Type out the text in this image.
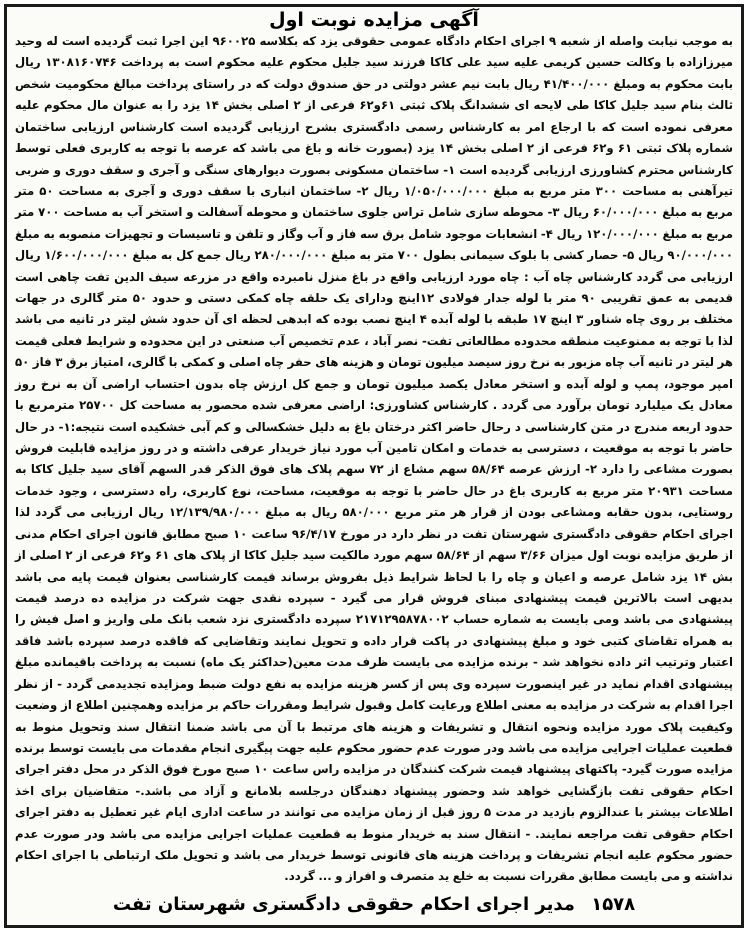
آگهی مزایده نوبت اول
به موجب نیابت واصله از شعبه ۹ اجرای احکام دادگاه عمومی حقوقی یزد که بکلاسه ۹۶۰۰۲۵ این اجرا ثبت گردیده است له وحید میرزازاده با وکالت حسین کریمی علیه سید علی کاکا فرزند سید جلیل محکوم علیه محکوم است به پرداخت ۱۳۰۸۱۶۰۷۴۶ ریال بابت محکوم به ومبلغ ۴۱/۴۰۰/۰۰۰ ریال بابت نیم عشر دولتی در حق صندوق دولت که در راستای پرداخت مبالغ محکومیت شخص ثالث بنام سید جلیل کاکا طی لایحه ای ششدانگ پلاک ثبتی ۶۱و۶۲ فرعی از ۲ اصلی بخش ۱۴ یزد را به عنوان مال محکوم علیه معرفی نموده است که با ارجاع امر به کارشناس رسمی دادگستری بشرح ارزیابی گردیده است کارشناس ارزیابی ساختمان شماره پلاک ثبتی ۶۱ و۶۲ فرعی از ۲ اصلی بخش ۱۴ یزد (بصورت خانه و باغ می باشد که عرصه با توجه به کاربری فعلی توسط کارشناس محترم کشاورزی ارزیابی گردیده است ۱- ساختمان مسکونی بصورت دیوارهای سنگی و آجری و سقف دوری و ضربی تیرآهنی به مساحت ۳۰۰ متر مربع به مبلغ ۱/۰۵۰/۰۰۰/۰۰۰ ریال ۲- ساختمان انباری با سقف دوری و آجری به مساحت ۵۰ متر مربع به مبلغ ۶۰/۰۰۰/۰۰۰ ریال ۳- محوطه سازی شامل تراس جلوی ساختمان و محوطه آسفالت و استخر آب به مساحت ۷۰۰ متر مربع به مبلغ ۱۲۰/۰۰۰/۰۰۰ ریال ۴- انشعابات موجود شامل برق سه فاز و آب وگاز و تلفن و تاسیسات و تجهیزات منصوبه به مبلغ ۹۰/۰۰۰/۰۰۰ ریال ۵- حصار کشی با بلوک سیمانی بطول ۷۰۰ متر به مبلغ ۲۸۰/۰۰۰/۰۰۰ ریال جمع کل به مبلغ ۱/۶۰۰/۰۰۰/۰۰۰ ریال ارزیابی می گردد کارشناس چاه آب : چاه مورد ارزیابی واقع در باغ منزل نامبرده واقع در مزرعه سیف الدین تفت چاهی است قدیمی به عمق تقریبی ۹۰ متر با لوله جدار فولادی ۱۲اینچ ودارای یک حلقه چاه کمکی دستی و حدود ۵۰ متر گالری در جهات مختلف بر روی چاه شناور ۳ اینچ ۱۷ طبقه با لوله آبده ۴ اینچ نصب بوده که ابدهی لحظه ای آن حدود شش لیتر در ثانیه می باشد لذا با توجه به ممنوعیت منطقه محدوده مطالعاتی تفت- نصر آباد ، عدم تخصیص آب صنعتی در این محدوده و شرایط فعلی قیمت هر لیتر در ثانیه آب چاه مزبور به نرخ روز سیصد میلیون تومان و هزینه های حفر چاه اصلی و کمکی با گالری، امتیاز برق ۳ فاز ۵۰ امپر موجود، پمپ و لوله آبده و استخر معادل یکصد میلیون تومان و جمع کل ارزش چاه بدون احتساب اراضی آن به نرخ روز معادل یک میلیارد تومان برآورد می گردد . کارشناس کشاورزی: اراضی معرفی شده محصور به مساحت کل ۲۵۷۰۰ مترمربع با حدود اربعه مندرج در متن کارشناسی د رحال حاضر اکثر درختان باغ به دلیل خشکسالی و کم آبی خشکیده است نتیجه:۱- در حال حاضر با توجه به موقعیت ، دسترسی به خدمات و امکان تامین آب مورد نیاز خریدار عرفی داشته و در روز مزایده قابلیت فروش بصورت مشاعی را دارد ۲- ارزش عرصه ۵۸/۶۴ سهم مشاع از ۷۲ سهم پلاک های فوق الذکر قدر السهم آقای سید جلیل کاکا به مساحت ۲۰۹۳۱ متر مربع به کاربری باغ در حال حاضر با توجه به موقعیت، مساحت، نوع کاربری، راه دسترسی ، وجود خدمات روستایی، بدون حقابه ومشاعی بودن از قرار هر متر مربع ۵۸۰/۰۰۰ ریال به مبلغ ۱۲/۱۳۹/۹۸۰/۰۰۰ ریال ارزیابی می گردد لذا اجرای احکام حقوقی دادگستری شهرستان تفت در نظر دارد در مورخ ۹۶/۴/۱۷ ساعت ۱۰ صبح مطابق قانون اجرای احکام مدنی از طریق مزایده نوبت اول میزان ۳/۶۶ سهم از ۵۸/۶۴ سهم مورد مالکیت سید جلیل کاکا از پلاک های ۶۱ و۶۲ فرعی از ۲ اصلی از بش ۱۴ یزد شامل عرصه و اعیان و چاه را با لحاظ شرایط ذیل بفروش برساند قیمت کارشناسی بعنوان قیمت پایه می باشد بدیهی است بالاترین قیمت پیشنهادی مبنای فروش قرار می گیرد - سپرده نقدی جهت شرکت در مزایده ده درصد قیمت پیشنهادی می باشد ومی بایست به شماره حساب ۲۱۷۱۲۹۵۸۷۸۰۰۲ سپرده دادگستری نزد شعب بانک ملی واریز و اصل فیش را به همراه تقاضای کتبی خود و مبلغ پیشنهادی در پاکت قرار داده و تحویل نمایند وتقاضایی که فاقده درصد سپرده باشد فاقد اعتبار وترتیب اثر داده نخواهد شد - برنده مزایده می بایست ظرف مدت معین(حداکثر یک ماه) نسبت به پرداخت باقیمانده مبلغ پیشنهادی اقدام نماید در غیر اینصورت سپرده وی پس از کسر هزینه مزایده به نفع دولت ضبط ومزایده تجدیدمی گردد - از نظر اجرا اقدام به شرکت در مزایده به معنی اطلاع ورعایت کامل وقبول شرایط ومقررات حاکم بر مزایده وهمچنین اطلاع از وضعیت وکیفیت پلاک مورد مزایده ونحوه انتقال و تشریفات و هزینه های مرتبط با آن می باشد ضمنا انتقال سند وتحویل منوط به قطعیت عملیات اجرایی مزایده می باشد ودر صورت عدم حضور محکوم علیه جهت پیگیری انجام مقدمات می بایست توسط برنده مزایده صورت گیرد- پاکتهای پیشنهاد قیمت شرکت کنندگان در مزایده راس ساعت ۱۰ صبح مورخ فوق الذکر در محل دفتر اجرای احکام حقوقی تفت بازگشایی خواهد شد وحضور پیشنهاد دهندگان درجلسه بلامانع و آزاد می باشد.- متقاضیان برای اخذ اطلاعات بیشتر با عندالزوم بازدید در مدت ۵ روز قبل از زمان مزایده می توانند در ساعت اداری ایام غیر تعطیل به دفتر اجرای احکام حقوقی تفت مراجعه نمایند. - انتقال سند به خریدار منوط به قطعیت عملیات اجرایی مزایده می باشد ودر صورت عدم حضور محکوم علیه انجام تشریفات و پرداخت هزینه های قانونی توسط خریدار می باشد و تحویل ملک ارتباطی با اجرای احکام نداشته و می بایست مطابق مقررات نسبت به خلع ید متصرف و افراز و ... گردد.
۱۵۷۸ مدیر اجرای احکام حقوقی دادگستری شهرستان تفت
